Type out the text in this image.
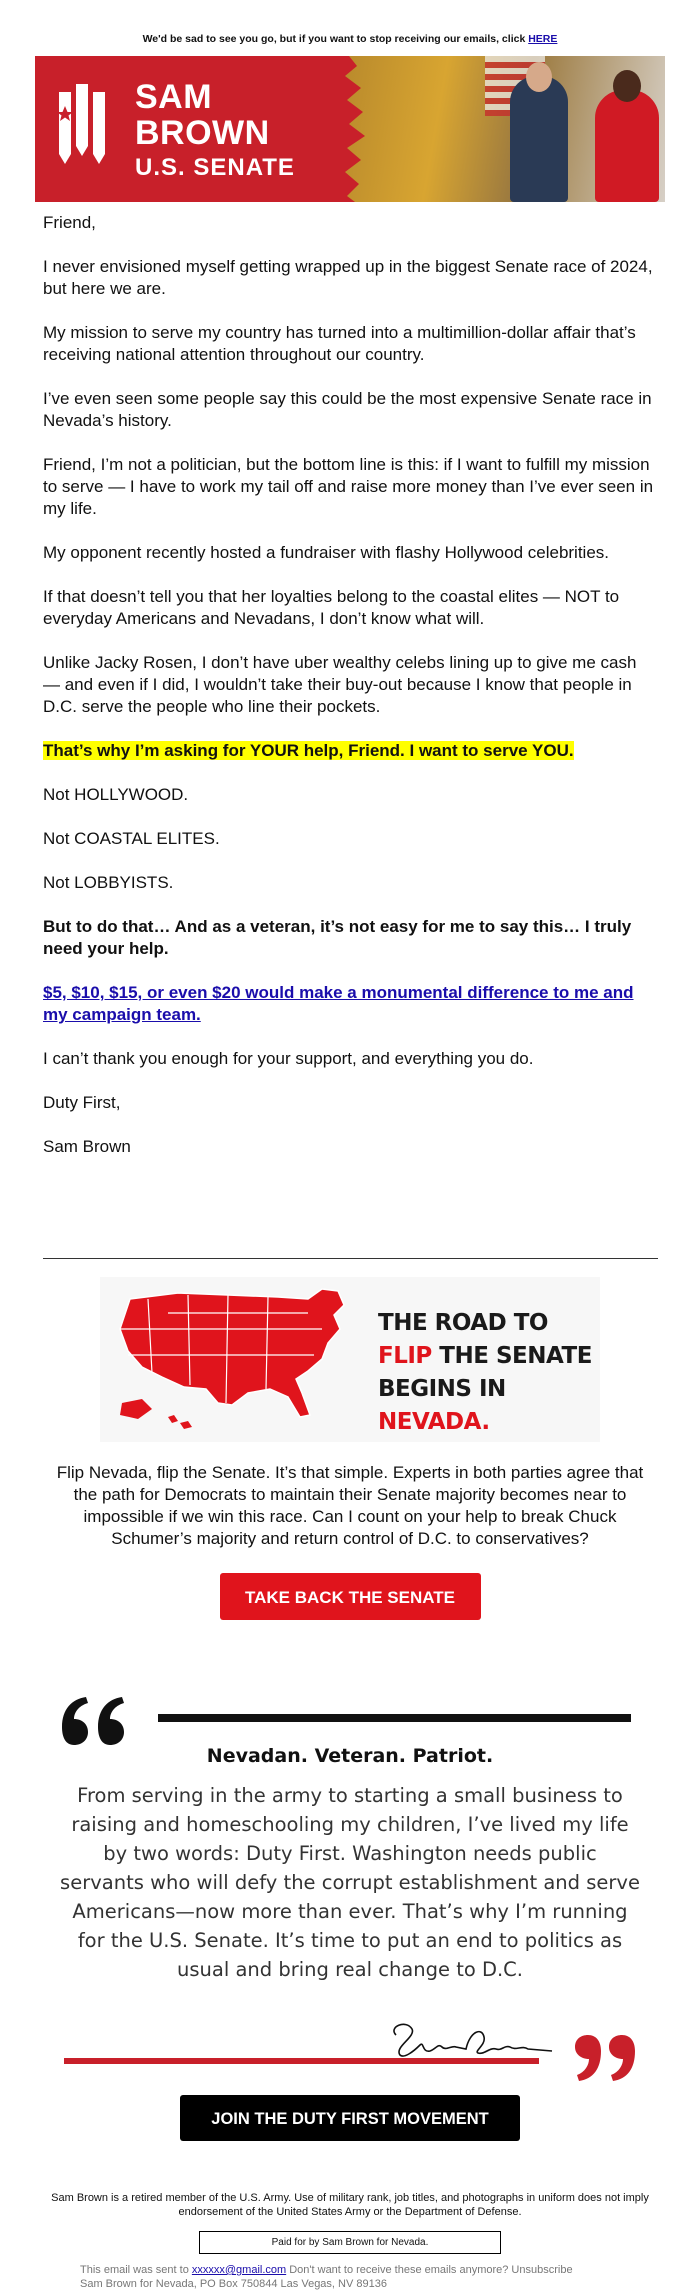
We'd be sad to see you go, but if you want to stop receiving our emails, click HERE
SAM
BROWN
U.S. SENATE

Friend,

I never envisioned myself getting wrapped up in the biggest Senate race of 2024, but here we are.

My mission to serve my country has turned into a multimillion-dollar affair that’s receiving national attention throughout our country.

I’ve even seen some people say this could be the most expensive Senate race in Nevada’s history.

Friend, I’m not a politician, but the bottom line is this: if I want to fulfill my mission to serve — I have to work my tail off and raise more money than I’ve ever seen in my life.

My opponent recently hosted a fundraiser with flashy Hollywood celebrities.

If that doesn’t tell you that her loyalties belong to the coastal elites — NOT to everyday Americans and Nevadans, I don’t know what will.

Unlike Jacky Rosen, I don’t have uber wealthy celebs lining up to give me cash — and even if I did, I wouldn’t take their buy-out because I know that people in D.C. serve the people who line their pockets.

That’s why I’m asking for YOUR help, Friend. I want to serve YOU.

Not HOLLYWOOD.

Not COASTAL ELITES.

Not LOBBYISTS.

But to do that… And as a veteran, it’s not easy for me to say this… I truly need your help.

$5, $10, $15, or even $20 would make a monumental difference to me and my campaign team.

I can’t thank you enough for your support, and everything you do.

Duty First,

Sam Brown

THE ROAD TO
FLIP THE SENATE
BEGINS IN NEVADA.
Flip Nevada, flip the Senate. It’s that simple. Experts in both parties agree that the path for Democrats to maintain their Senate majority becomes near to impossible if we win this race. Can I count on your help to break Chuck Schumer’s majority and return control of D.C. to conservatives?
TAKE BACK THE SENATE
Nevadan. Veteran. Patriot.
From serving in the army to starting a small business to raising and homeschooling my children, I’ve lived my life by two words: Duty First. Washington needs public servants who will defy the corrupt establishment and serve Americans—now more than ever. That’s why I’m running for the U.S. Senate. It’s time to put an end to politics as usual and bring real change to D.C.
JOIN THE DUTY FIRST MOVEMENT
Sam Brown is a retired member of the U.S. Army. Use of military rank, job titles, and photographs in uniform does not imply endorsement of the United States Army or the Department of Defense.
Paid for by Sam Brown for Nevada.
This email was sent to xxxxxx@gmail.com Don't want to receive these emails anymore? Unsubscribe
Sam Brown for Nevada, PO Box 750844 Las Vegas, NV 89136
